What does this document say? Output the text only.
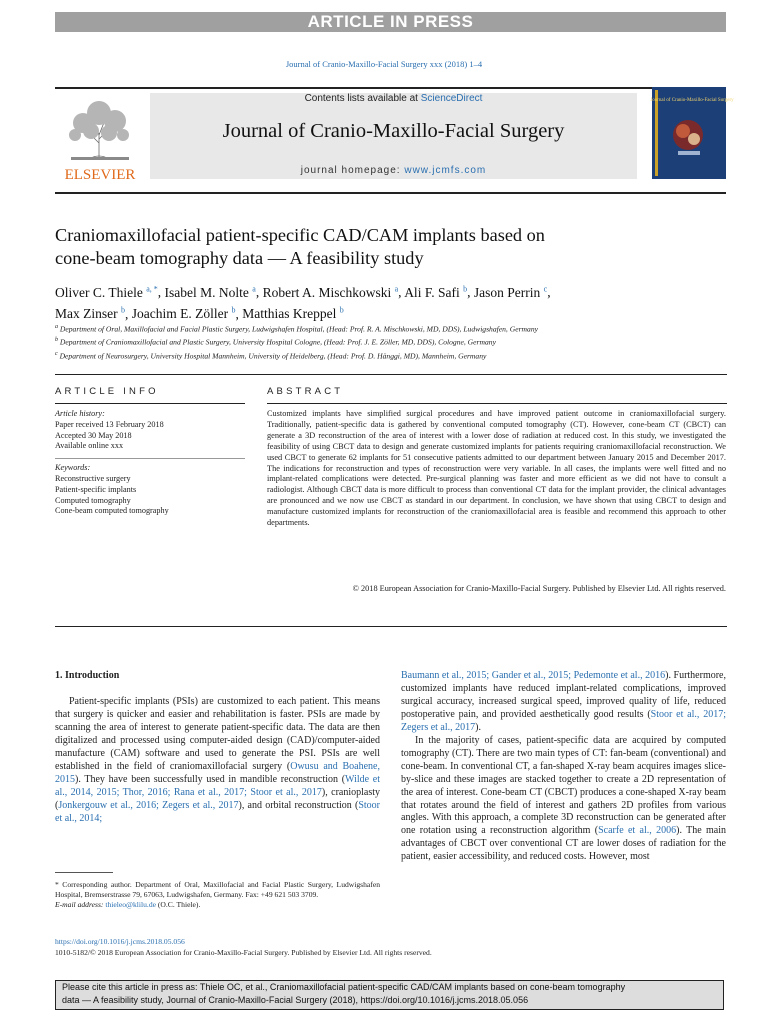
ARTICLE IN PRESS
Journal of Cranio-Maxillo-Facial Surgery xxx (2018) 1–4
ELSEVIER
Contents lists available at ScienceDirect
Journal of Cranio-Maxillo-Facial Surgery
journal homepage: www.jcmfs.com
Journal of Cranio-Maxillo-Facial Surgery
Craniomaxillofacial patient-specific CAD/CAM implants based on
cone-beam tomography data — A feasibility study
Oliver C. Thiele $^{a, *}$, Isabel M. Nolte $^a$, Robert A. Mischkowski $^a$, Ali F. Safi $^b$, Jason Perrin $^c$,
Max Zinser $^b$, Joachim E. Zöller $^b$, Matthias Kreppel $^b$
$^a$ Department of Oral, Maxillofacial and Facial Plastic Surgery, Ludwigshafen Hospital, (Head: Prof. R. A. Mischkowski, MD, DDS), Ludwigshafen, Germany
$^b$ Department of Craniomaxillofacial and Plastic Surgery, University Hospital Cologne, (Head: Prof. J. E. Zöller, MD, DDS), Cologne, Germany
$^c$ Department of Neurosurgery, University Hospital Mannheim, University of Heidelberg, (Head: Prof. D. Hänggi, MD), Mannheim, Germany
ARTICLE INFO	ABSTRACT
Article history:
Paper received 13 February 2018
Accepted 30 May 2018
Available online xxx
Keywords:
Reconstructive surgery
Patient-specific implants
Computed tomography
Cone-beam computed tomography
Customized implants have simplified surgical procedures and have improved patient outcome in craniomaxillofacial surgery. Traditionally, patient-specific data is gathered by conventional computed tomography (CT). However, cone-beam CT (CBCT) can generate a 3D reconstruction of the area of interest with a lower dose of radiation at reduced cost. In this study, we investigated the feasibility of using CBCT data to design and generate customized implants for patients requiring craniomaxillofacial reconstruction. We used CBCT to generate 62 implants for 51 consecutive patients admitted to our department between January 2015 and December 2017. The indications for reconstruction and types of reconstruction were very variable. In all cases, the implants were well fitted and no implant-related complications were detected. Pre-surgical planning was faster and more efficient as we did not have to consult a radiologist. Although CBCT data is more difficult to process than conventional CT data for the implant provider, the clinical advantages are pronounced and we now use CBCT as standard in our department. In conclusion, we have shown that using CBCT to design and manufacture customized implants for reconstruction of the craniomaxillofacial area is feasible and recommend this approach to other departments.
© 2018 European Association for Cranio-Maxillo-Facial Surgery. Published by Elsevier Ltd. All rights reserved.
1. Introduction
Patient-specific implants (PSIs) are customized to each patient. This means that surgery is quicker and easier and rehabilitation is faster. PSIs are made by scanning the area of interest to generate patient-specific data. The data are then digitalized and processed using computer-aided design (CAD)/computer-aided manufacture (CAM) software and used to generate the PSI. PSIs are well established in the field of craniomaxillofacial surgery (Owusu and Boahene, 2015). They have been successfully used in mandible reconstruction (Wilde et al., 2014, 2015; Thor, 2016; Rana et al., 2017; Stoor et al., 2017), cranioplasty (Jonkergouw et al., 2016; Zegers et al., 2017), and orbital reconstruction (Stoor et al., 2014;
Baumann et al., 2015; Gander et al., 2015; Pedemonte et al., 2016). Furthermore, customized implants have reduced implant-related complications, improved surgical accuracy, increased surgical speed, improved quality of life, reduced postoperative pain, and provided aesthetically good results (Stoor et al., 2017; Zegers et al., 2017).
In the majority of cases, patient-specific data are acquired by computed tomography (CT). There are two main types of CT: fan-beam (conventional) and cone-beam. In conventional CT, a fan-shaped X-ray beam acquires images slice-by-slice and these images are stacked together to create a 2D representation of the area of interest. Cone-beam CT (CBCT) produces a cone-shaped X-ray beam that rotates around the field of interest and gathers 2D profiles from various angles. With this approach, a complete 3D reconstruction can be generated after one rotation using a reconstruction algorithm (Scarfe et al., 2006). The main advantages of CBCT over conventional CT are lower doses of radiation for the patient, easier accessibility, and reduced costs. However, most
* Corresponding author. Department of Oral, Maxillofacial and Facial Plastic Surgery, Ludwigshafen Hospital, Bremserstrasse 79, 67063, Ludwigshafen, Germany. Fax: +49 621 503 3709.
E-mail address: thieleo@klilu.de (O.C. Thiele).
https://doi.org/10.1016/j.jcms.2018.05.056
1010-5182/© 2018 European Association for Cranio-Maxillo-Facial Surgery. Published by Elsevier Ltd. All rights reserved.
Please cite this article in press as: Thiele OC, et al., Craniomaxillofacial patient-specific CAD/CAM implants based on cone-beam tomography
data — A feasibility study, Journal of Cranio-Maxillo-Facial Surgery (2018), https://doi.org/10.1016/j.jcms.2018.05.056
